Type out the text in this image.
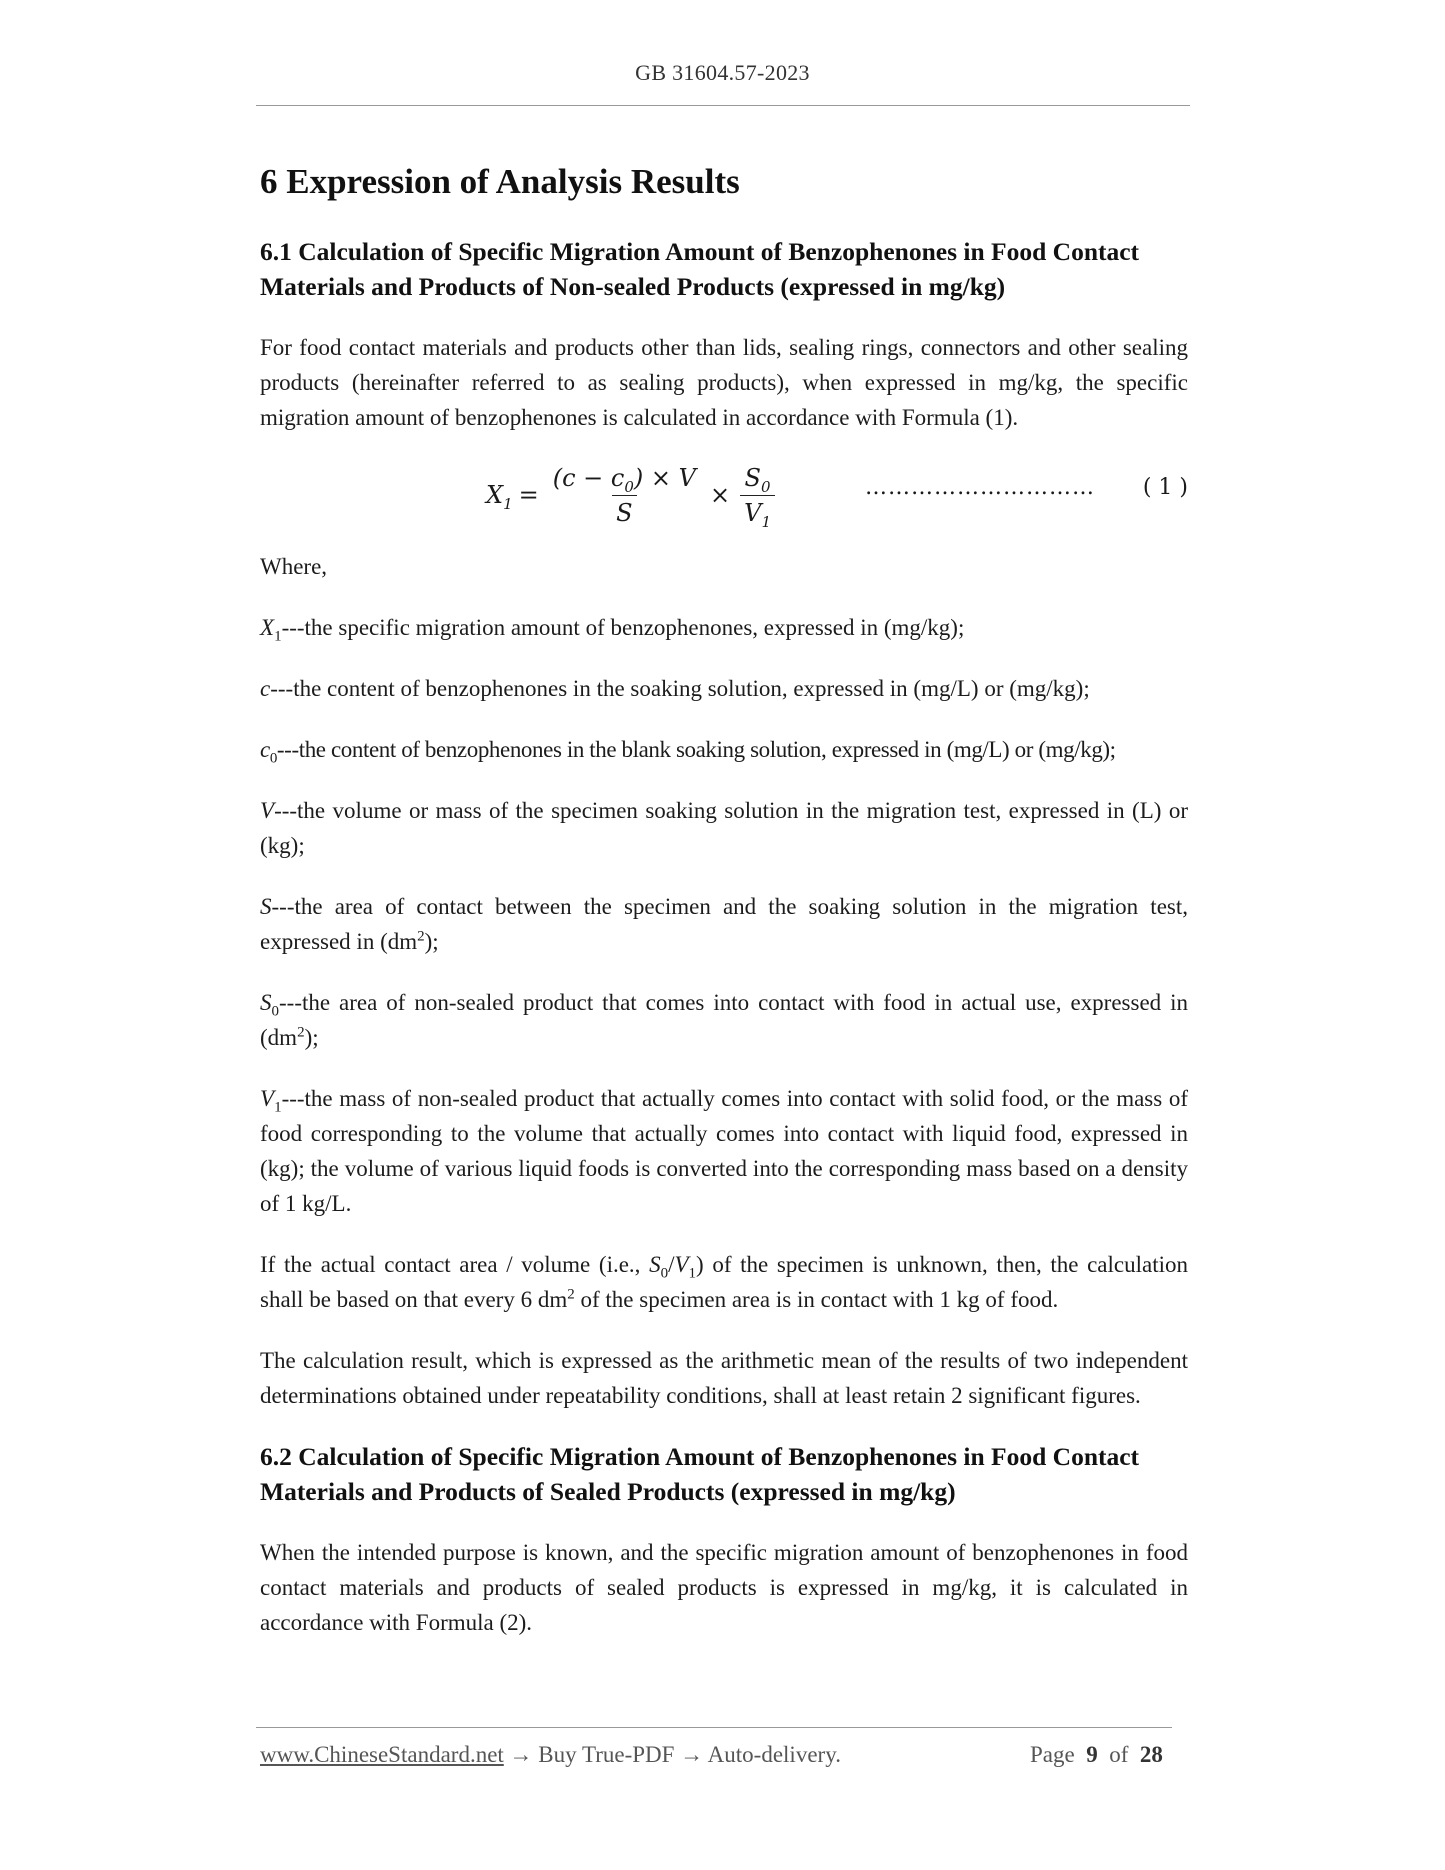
GB 31604.57-2023
6 Expression of Analysis Results
6.1 Calculation of Specific Migration Amount of Benzophenones in Food Contact
Materials and Products of Non-sealed Products (expressed in mg/kg)

For food contact materials and products other than lids, sealing rings, connectors and other sealing products (hereinafter referred to as sealing products), when expressed in mg/kg, the specific migration amount of benzophenones is calculated in accordance with Formula (1).

$X_1 = \frac{(c - c_0) \times V}{S} \times \frac{S_0}{V_1}$	………………………… ( 1 )

Where,

$X_1--$-the specific migration amount of benzophenones, expressed in (mg/kg);

c---the content of benzophenones in the soaking solution, expressed in (mg/L) or (mg/kg);

$c_0--$-the content of benzophenones in the blank soaking solution, expressed in (mg/L) or (mg/kg);

V---the volume or mass of the specimen soaking solution in the migration test, expressed in (L) or (kg);

S---the area of contact between the specimen and the soaking solution in the migration test, expressed in $(dm^2)$;

$S_0--$-the area of non-sealed product that comes into contact with food in actual use, expressed in $(dm^2)$;

$V_1--$-the mass of non-sealed product that actually comes into contact with solid food, or the mass of food corresponding to the volume that actually comes into contact with liquid food, expressed in (kg); the volume of various liquid foods is converted into the corresponding mass based on a density of 1 kg/L.

If the actual contact area / volume (i.e., $S_0/V_1$) of the specimen is unknown, then, the calculation shall be based on that every 6 $dm^2$ of the specimen area is in contact with 1 kg of food.

The calculation result, which is expressed as the arithmetic mean of the results of two independent determinations obtained under repeatability conditions, shall at least retain 2 significant figures.

6.2 Calculation of Specific Migration Amount of Benzophenones in Food Contact
Materials and Products of Sealed Products (expressed in mg/kg)

When the intended purpose is known, and the specific migration amount of benzophenones in food contact materials and products of sealed products is expressed in mg/kg, it is calculated in accordance with Formula (2).

www.ChineseStandard.net → Buy True-PDF → Auto-delivery.	Page 9 of 28
